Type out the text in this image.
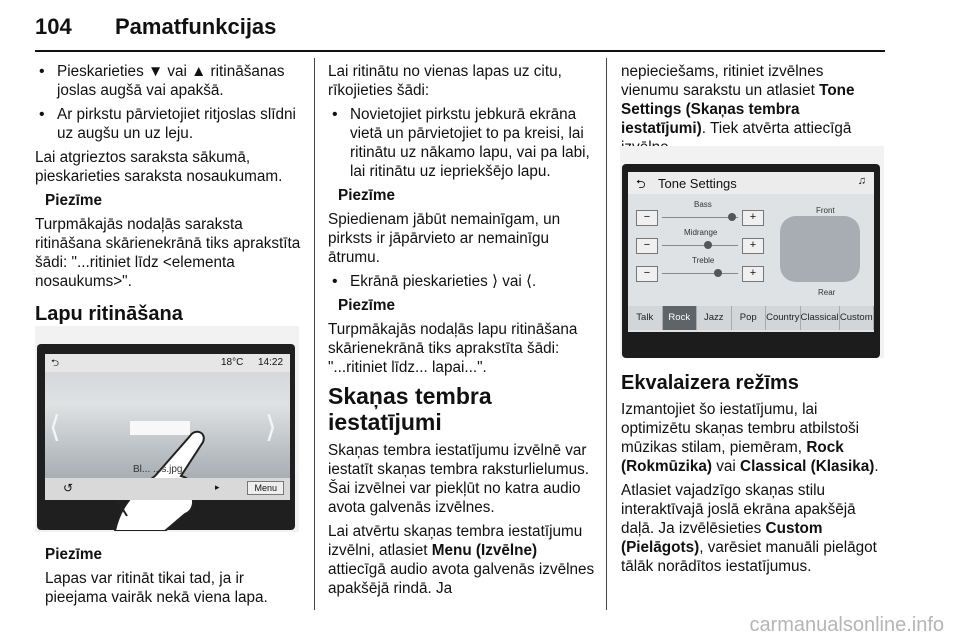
104 Pamatfunkcijas

• Pieskarieties ▼ vai ▲ ritināšanas joslas augšā vai apakšā.

• Ar pirkstu pārvietojiet ritjoslas slīdni uz augšu un uz leju.

Lai atgrieztos saraksta sākumā, pieskarieties saraksta nosaukumam.

Piezīme

Turpmākajās nodaļās saraksta ritināšana skārienekrānā tiks aprakstīta šādi: "...ritiniet līdz <elementa nosaukums>".

Lapu ritināšana
⮌	18°C 14:22
⟨	⟩
Bl... ...s.jpg
↺	▸	Menu

Piezīme

Lapas var ritināt tikai tad, ja ir pieejama vairāk nekā viena lapa.

Lai ritinātu no vienas lapas uz citu, rīkojieties šādi:

• Novietojiet pirkstu jebkurā ekrāna vietā un pārvietojiet to pa kreisi, lai ritinātu uz nākamo lapu, vai pa labi, lai ritinātu uz iepriekšējo lapu.

Piezīme

Spiedienam jābūt nemainīgam, un pirksts ir jāpārvieto ar nemainīgu ātrumu.

• Ekrānā pieskarieties ⟩ vai ⟨.

Piezīme

Turpmākajās nodaļās lapu ritināšana skārienekrānā tiks aprakstīta šādi: "...ritiniet līdz... lapai...".

Skaņas tembra iestatījumi

Skaņas tembra iestatījumu izvēlnē var iestatīt skaņas tembra raksturlielumus. Šai izvēlnei var piekļūt no katra audio avota galvenās izvēlnes.

Lai atvērtu skaņas tembra iestatījumu izvēlni, atlasiet Menu (Izvēlne) attiecīgā audio avota galvenās izvēlnes apakšējā rindā. Ja

nepieciešams, ritiniet izvēlnes vienumu sarakstu un atlasiet Tone Settings (Skaņas tembra iestatījumi). Tiek atvērta attiecīgā

⮌ Tone Settings	♫
−	+
Bass
−	+
Midrange
−	+
Treble
Front
Rear
Talk	Rock	Jazz	Pop Country Classical Custom
Ekvalaizera režīms

Izmantojiet šo iestatījumu, lai optimizētu skaņas tembru atbilstoši mūzikas stilam, piemēram, Rock (Rokmūzika) vai Classical (Klasika).

Atlasiet vajadzīgo skaņas stilu interaktīvajā joslā ekrāna apakšējā daļā. Ja izvēlēsieties Custom (Pielāgots), varēsiet manuāli pielāgot tālāk norādītos iestatījumus.

carmanualsonline.info
